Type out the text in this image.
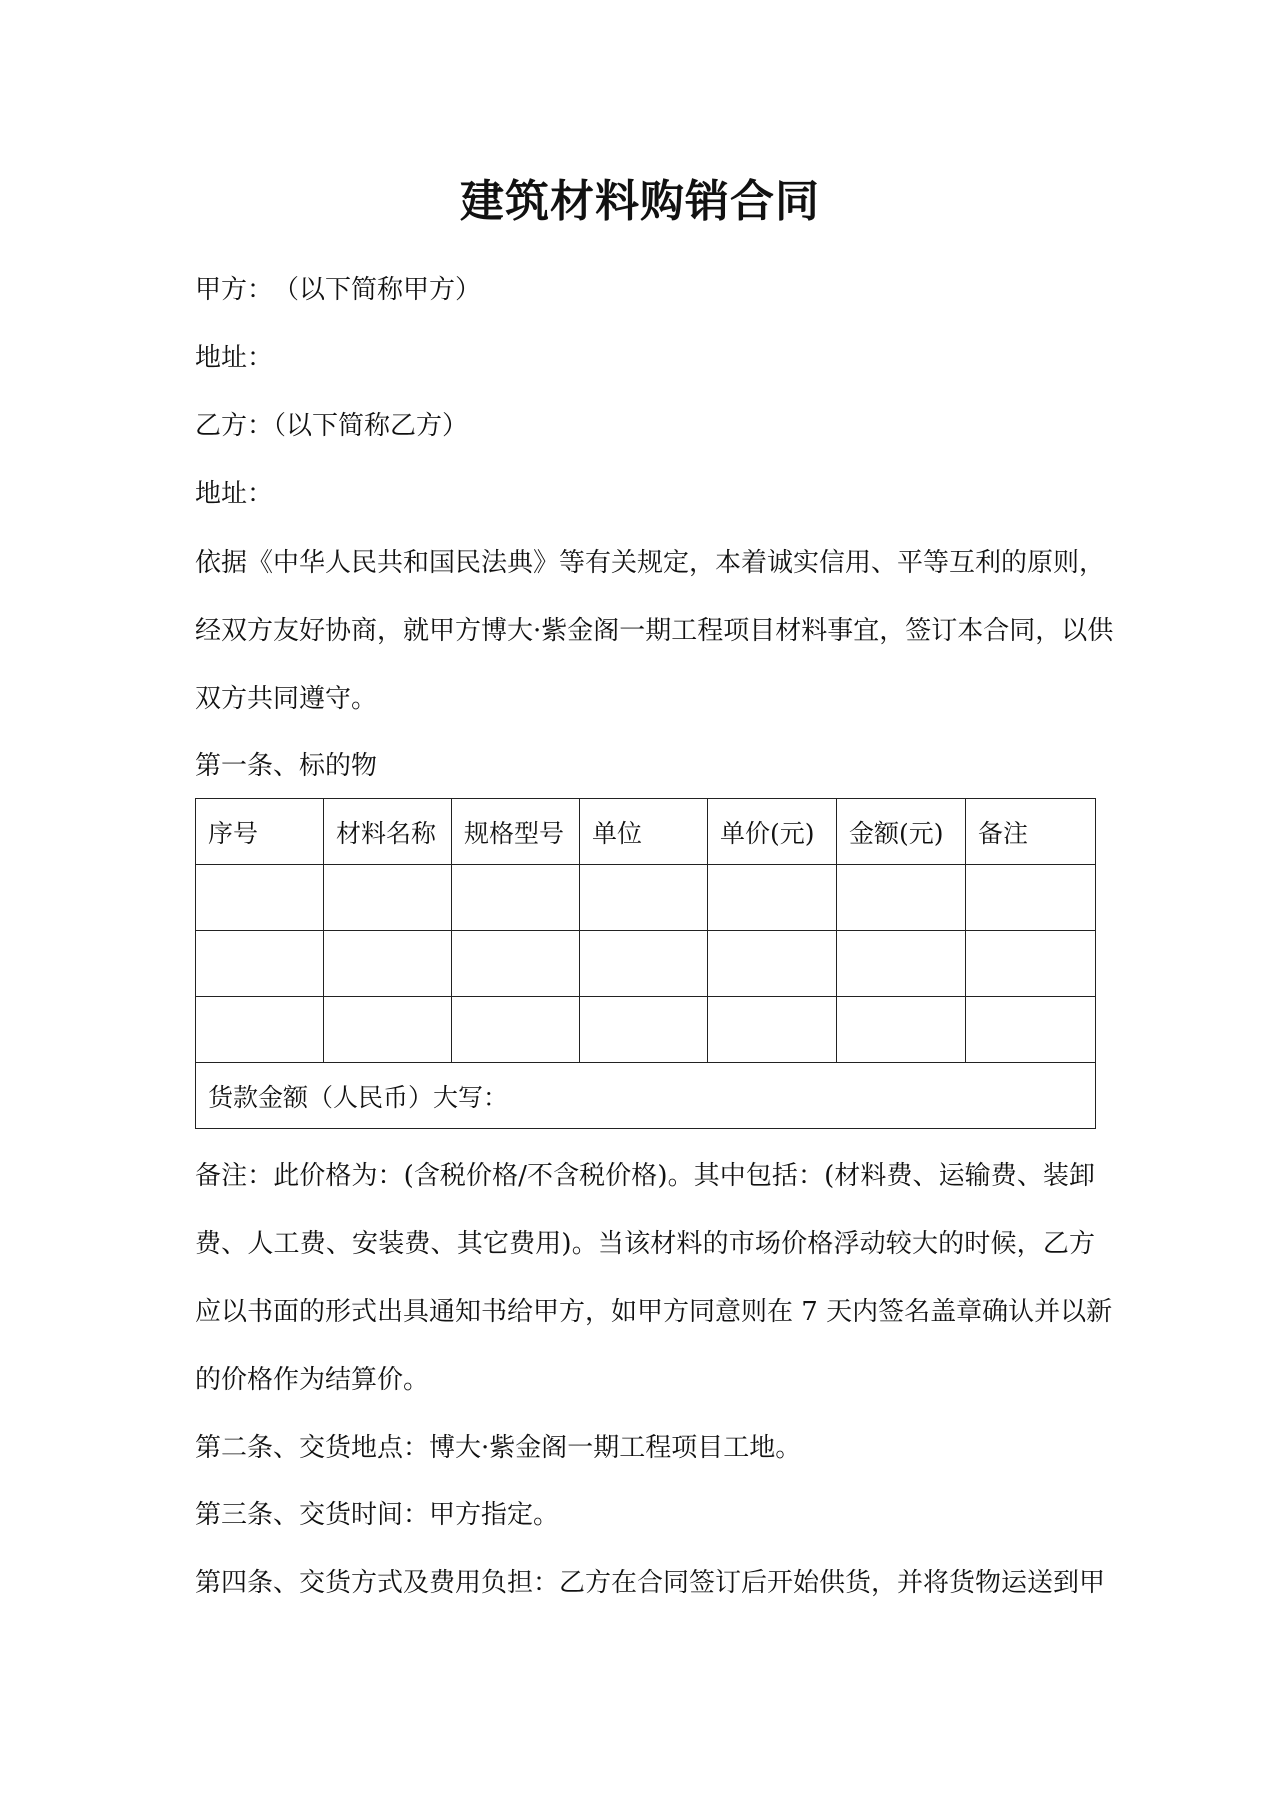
建筑材料购销合同

甲方：　（以下简称甲方）

地址：

乙方：（以下简称乙方）

地址：

依据《中华人民共和国民法典》等有关规定，本着诚实信用、平等互利的原则，

经双方友好协商，就甲方博大·紫金阁一期工程项目材料事宜，签订本合同，以供

双方共同遵守。

第一条、标的物

序号	材料名称	规格型号	单位	单价(元)	金额(元)	备注

货款金额（人民币）大写：						

备注：此价格为：(含税价格/不含税价格)。其中包括：(材料费、运输费、装卸

费、人工费、安装费、其它费用)。当该材料的市场价格浮动较大的时候，乙方

应以书面的形式出具通知书给甲方，如甲方同意则在 7 天内签名盖章确认并以新

的价格作为结算价。

第二条、交货地点：博大·紫金阁一期工程项目工地。

第三条、交货时间：甲方指定。

第四条、交货方式及费用负担：乙方在合同签订后开始供货，并将货物运送到甲
